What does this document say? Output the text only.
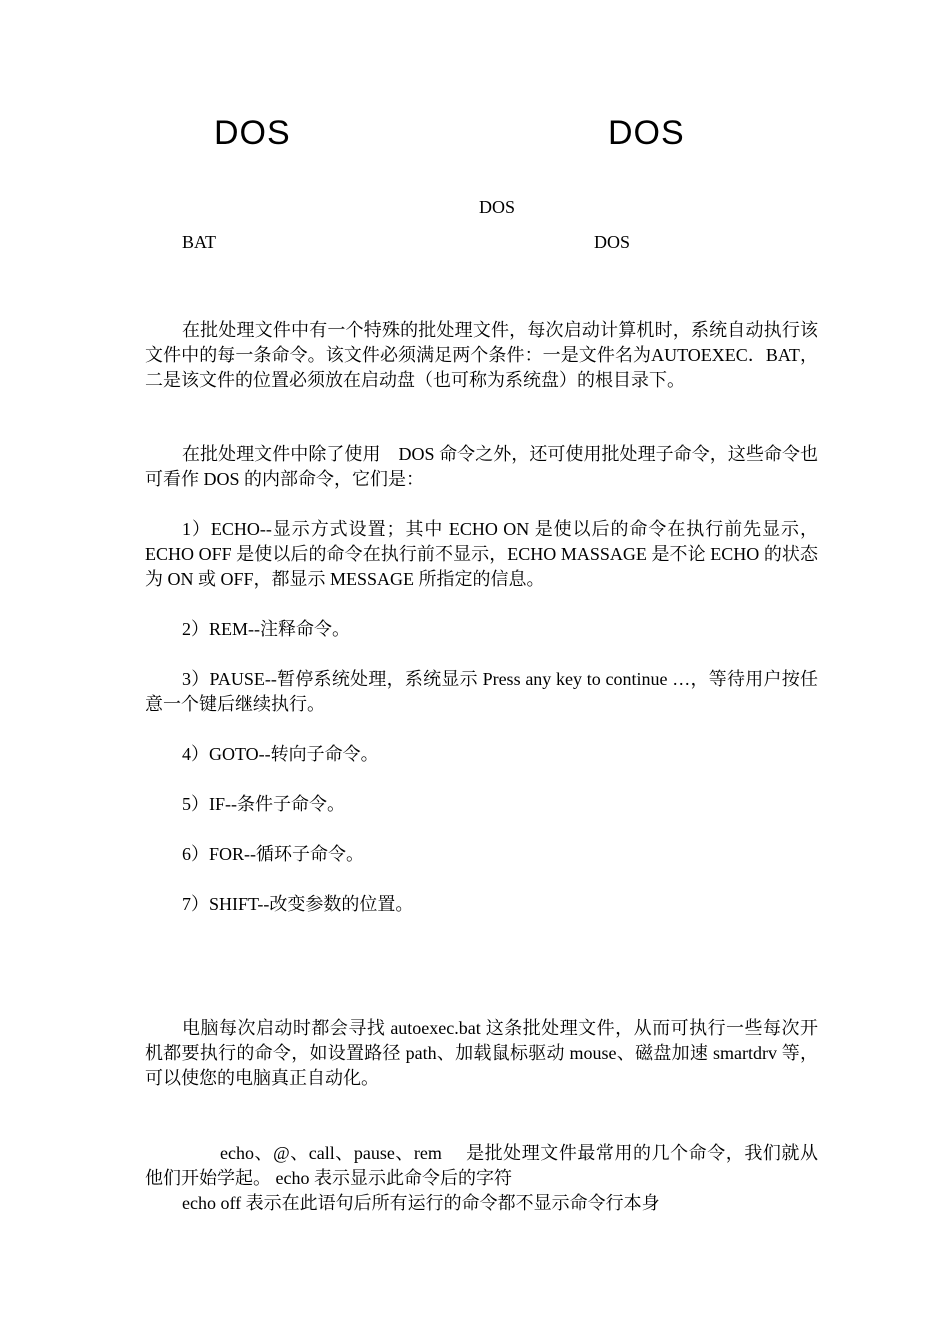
DOS	DOS
DOS
BAT	DOS

在批处理文件中有一个特殊的批处理文件，每次启动计算机时，系统自动执行该文件中的每一条命令。该文件必须满足两个条件：一是文件名为AUTOEXEC．BAT，二是该文件的位置必须放在启动盘（也可称为系统盘）的根目录下。

在批处理文件中除了使用　DOS 命令之外，还可使用批处理子命令，这些命令也可看作 DOS 的内部命令，它们是：

1）ECHO--显示方式设置；其中 ECHO ON 是使以后的命令在执行前先显示，ECHO OFF 是使以后的命令在执行前不显示，ECHO MASSAGE 是不论 ECHO 的状态为 ON 或 OFF，都显示 MESSAGE 所指定的信息。

2）REM--注释命令。

3）PAUSE--暂停系统处理，系统显示 Press any key to continue …，等待用户按任意一个键后继续执行。

4）GOTO--转向子命令。

5）IF--条件子命令。

6）FOR--循环子命令。

7）SHIFT--改变参数的位置。

电脑每次启动时都会寻找 autoexec.bat 这条批处理文件，从而可执行一些每次开机都要执行的命令，如设置路径 path、加载鼠标驱动 mouse、磁盘加速 smartdrv 等，可以使您的电脑真正自动化。

echo、@、call、pause、rem　 是批处理文件最常用的几个命令，我们就从他们开始学起。 echo 表示显示此命令后的字符

echo off 表示在此语句后所有运行的命令都不显示命令行本身
